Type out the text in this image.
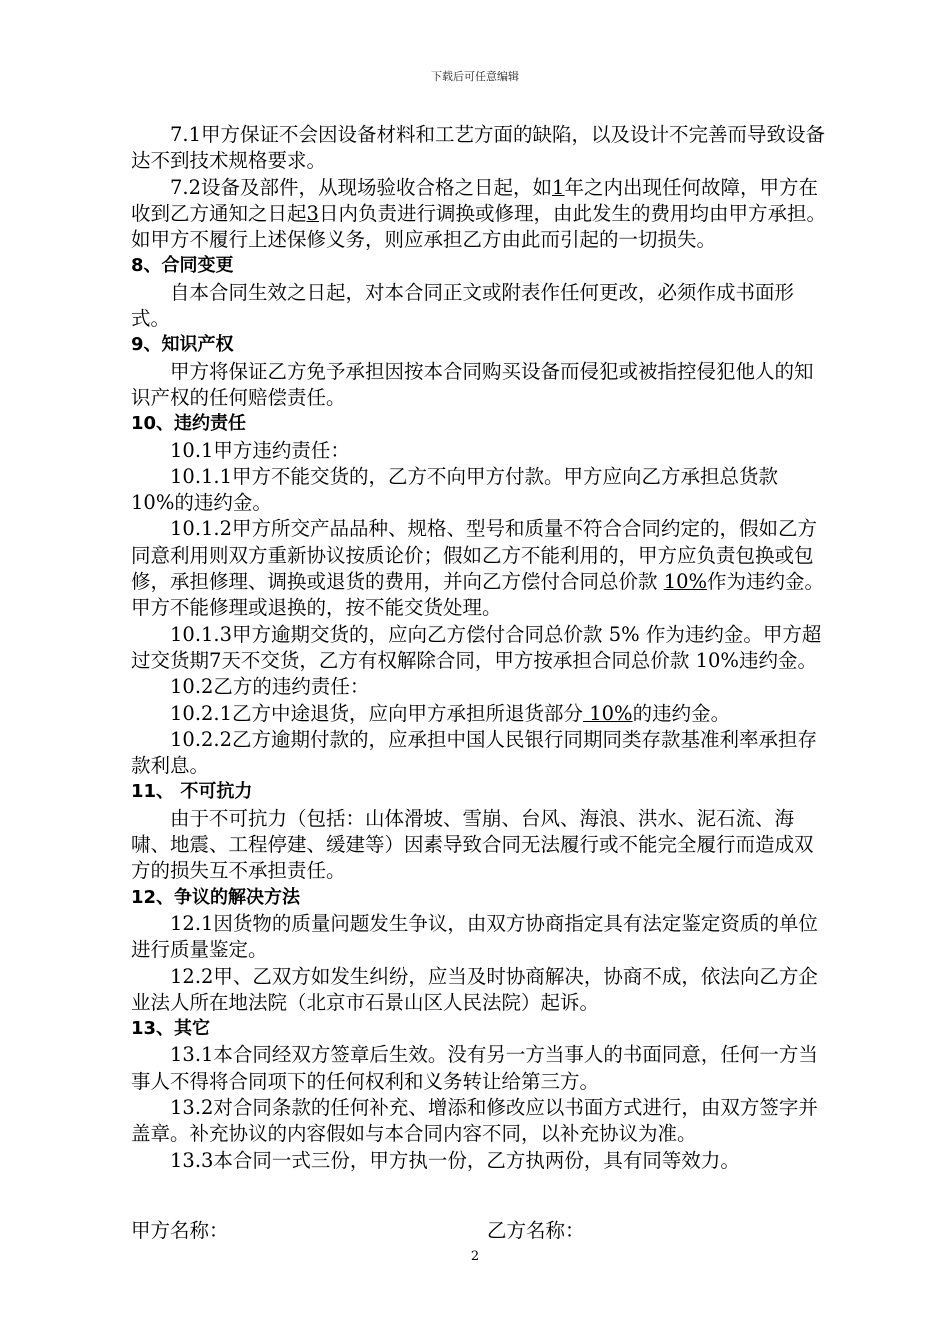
下载后可任意编辑

7.1甲方保证不会因设备材料和工艺方面的缺陷，以及设计不完善而导致设备达不到技术规格要求。

7.2设备及部件，从现场验收合格之日起，如1年之内出现任何故障，甲方在收到乙方通知之日起3日内负责进行调换或修理，由此发生的费用均由甲方承担。如甲方不履行上述保修义务，则应承担乙方由此而引起的一切损失。

8、合同变更

自本合同生效之日起，对本合同正文或附表作任何更改，必须作成书面形式。

9、知识产权

甲方将保证乙方免予承担因按本合同购买设备而侵犯或被指控侵犯他人的知识产权的任何赔偿责任。

10、违约责任

10.1甲方违约责任：

10.1.1甲方不能交货的，乙方不向甲方付款。甲方应向乙方承担总货款 10%的违约金。

10.1.2甲方所交产品品种、规格、型号和质量不符合合同约定的，假如乙方同意利用则双方重新协议按质论价；假如乙方不能利用的，甲方应负责包换或包修，承担修理、调换或退货的费用，并向乙方偿付合同总价款 10%作为违约金。甲方不能修理或退换的，按不能交货处理。

10.1.3甲方逾期交货的，应向乙方偿付合同总价款 5% 作为违约金。甲方超过交货期7天不交货，乙方有权解除合同，甲方按承担合同总价款 10%违约金。

10.2乙方的违约责任：

10.2.1乙方中途退货，应向甲方承担所退货部分 10%的违约金。

10.2.2乙方逾期付款的，应承担中国人民银行同期同类存款基准利率承担存款利息。

11、 不可抗力

由于不可抗力（包括：山体滑坡、雪崩、台风、海浪、洪水、泥石流、海啸、地震、工程停建、缓建等）因素导致合同无法履行或不能完全履行而造成双方的损失互不承担责任。

12、争议的解决方法

12.1因货物的质量问题发生争议，由双方协商指定具有法定鉴定资质的单位进行质量鉴定。

12.2甲、乙双方如发生纠纷，应当及时协商解决，协商不成，依法向乙方企业法人所在地法院（北京市石景山区人民法院）起诉。

13、其它

13.1本合同经双方签章后生效。没有另一方当事人的书面同意，任何一方当事人不得将合同项下的任何权利和义务转让给第三方。

13.2对合同条款的任何补充、增添和修改应以书面方式进行，由双方签字并盖章。补充协议的内容假如与本合同内容不同，以补充协议为准。

13.3本合同一式三份，甲方执一份，乙方执两份，具有同等效力。

甲方名称：	乙方名称：
2
